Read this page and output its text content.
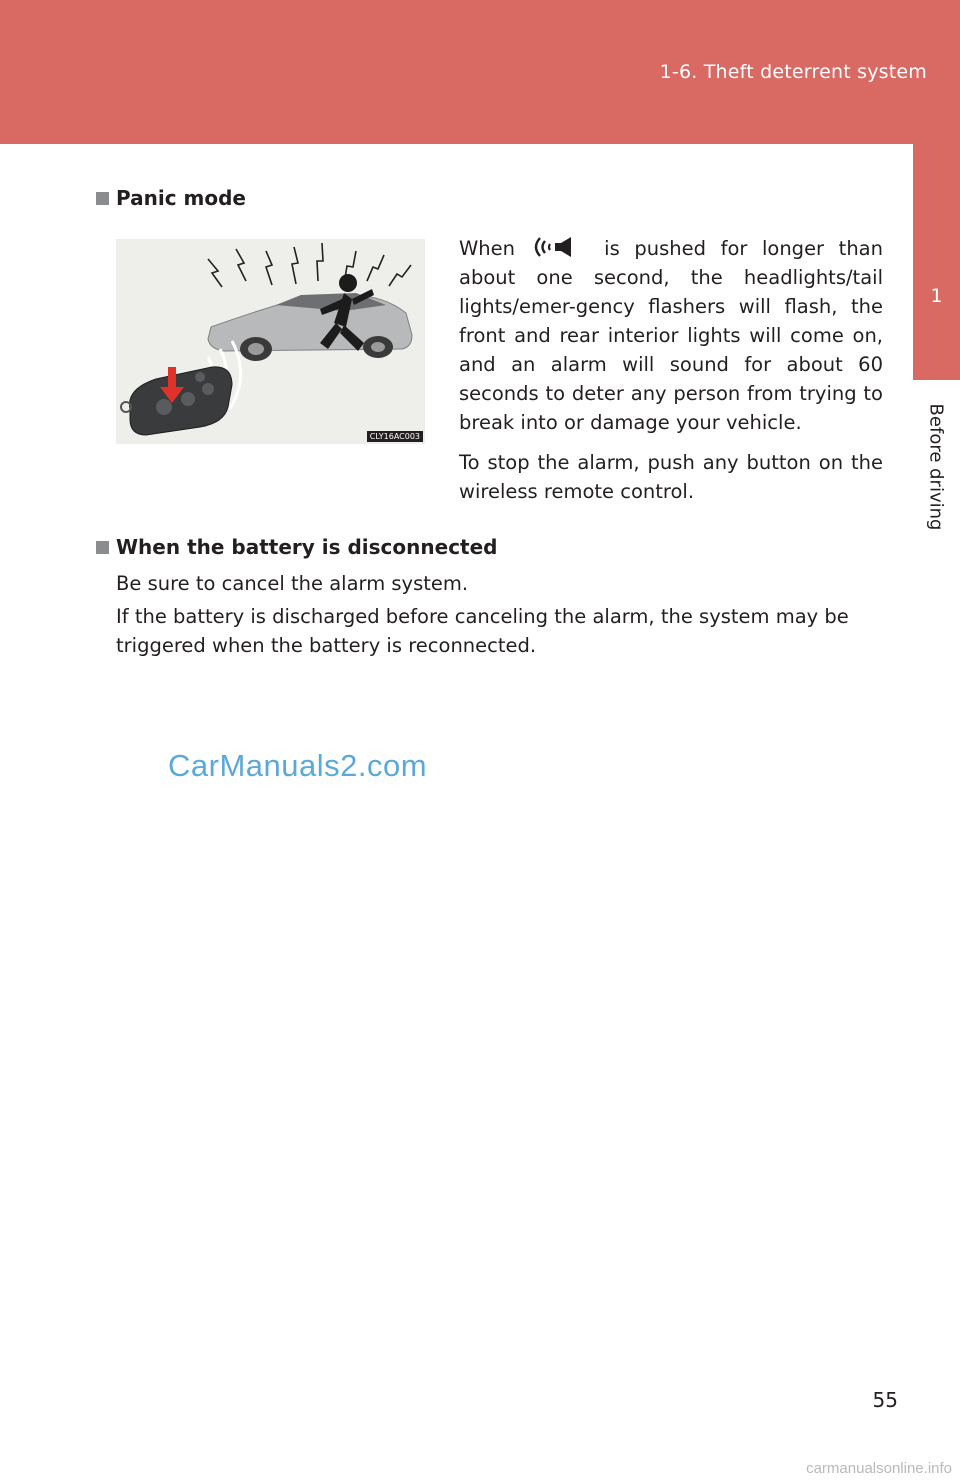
1-6. Theft deterrent system
1
Before driving
Panic mode
CLY16AC003
When	is pushed for longer than about one second, the headlights/tail lights/emer-gency flashers will flash, the front and rear interior lights will come on, and an alarm will sound for about 60 seconds to deter any person from trying to break into or damage your vehicle.
To stop the alarm, push any button on the wireless remote control.
When the battery is disconnected
Be sure to cancel the alarm system.
If the battery is discharged before canceling the alarm, the system may be triggered when the battery is reconnected.
CarManuals2.com
55
carmanualsonline.info
